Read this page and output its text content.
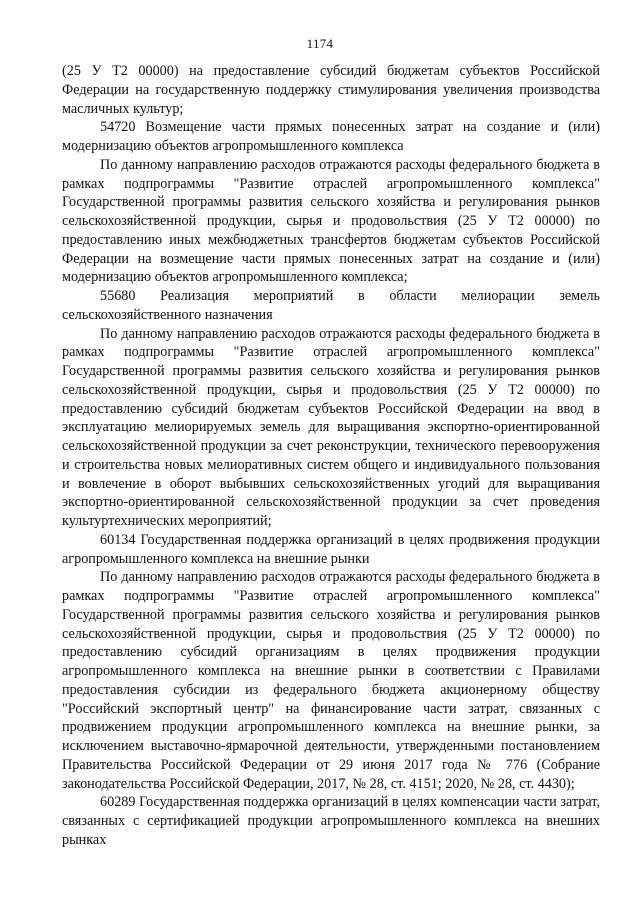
1174

(25 У Т2 00000) на предоставление субсидий бюджетам субъектов Российской Федерации на государственную поддержку стимулирования увеличения производства масличных культур;

54720 Возмещение части прямых понесенных затрат на создание и (или) модернизацию объектов агропромышленного комплекса

По данному направлению расходов отражаются расходы федерального бюджета в рамках подпрограммы "Развитие отраслей агропромышленного комплекса" Государственной программы развития сельского хозяйства и регулирования рынков сельскохозяйственной продукции, сырья и продовольствия (25 У Т2 00000) по предоставлению иных межбюджетных трансфертов бюджетам субъектов Российской Федерации на возмещение части прямых понесенных затрат на создание и (или) модернизацию объектов агропромышленного комплекса;

55680 Реализация мероприятий в области мелиорации земель сельскохозяйственного назначения

По данному направлению расходов отражаются расходы федерального бюджета в рамках подпрограммы "Развитие отраслей агропромышленного комплекса" Государственной программы развития сельского хозяйства и регулирования рынков сельскохозяйственной продукции, сырья и продовольствия (25 У Т2 00000) по предоставлению субсидий бюджетам субъектов Российской Федерации на ввод в эксплуатацию мелиорируемых земель для выращивания экспортно-ориентированной сельскохозяйственной продукции за счет реконструкции, технического перевооружения и строительства новых мелиоративных систем общего и индивидуального пользования и вовлечение в оборот выбывших сельскохозяйственных угодий для выращивания экспортно-ориентированной сельскохозяйственной продукции за счет проведения культуртехнических мероприятий;

60134 Государственная поддержка организаций в целях продвижения продукции агропромышленного комплекса на внешние рынки

По данному направлению расходов отражаются расходы федерального бюджета в рамках подпрограммы "Развитие отраслей агропромышленного комплекса" Государственной программы развития сельского хозяйства и регулирования рынков сельскохозяйственной продукции, сырья и продовольствия (25 У Т2 00000) по предоставлению субсидий организациям в целях продвижения продукции агропромышленного комплекса на внешние рынки в соответствии с Правилами предоставления субсидии из федерального бюджета акционерному обществу "Российский экспортный центр" на финансирование части затрат, связанных с продвижением продукции агропромышленного комплекса на внешние рынки, за исключением выставочно-ярмарочной деятельности, утвержденными постановлением Правительства Российской Федерации от 29 июня 2017 года № 776 (Собрание законодательства Российской Федерации, 2017, № 28, ст. 4151; 2020, № 28, ст. 4430);

60289 Государственная поддержка организаций в целях компенсации части затрат, связанных с сертификацией продукции агропромышленного комплекса на внешних рынках
